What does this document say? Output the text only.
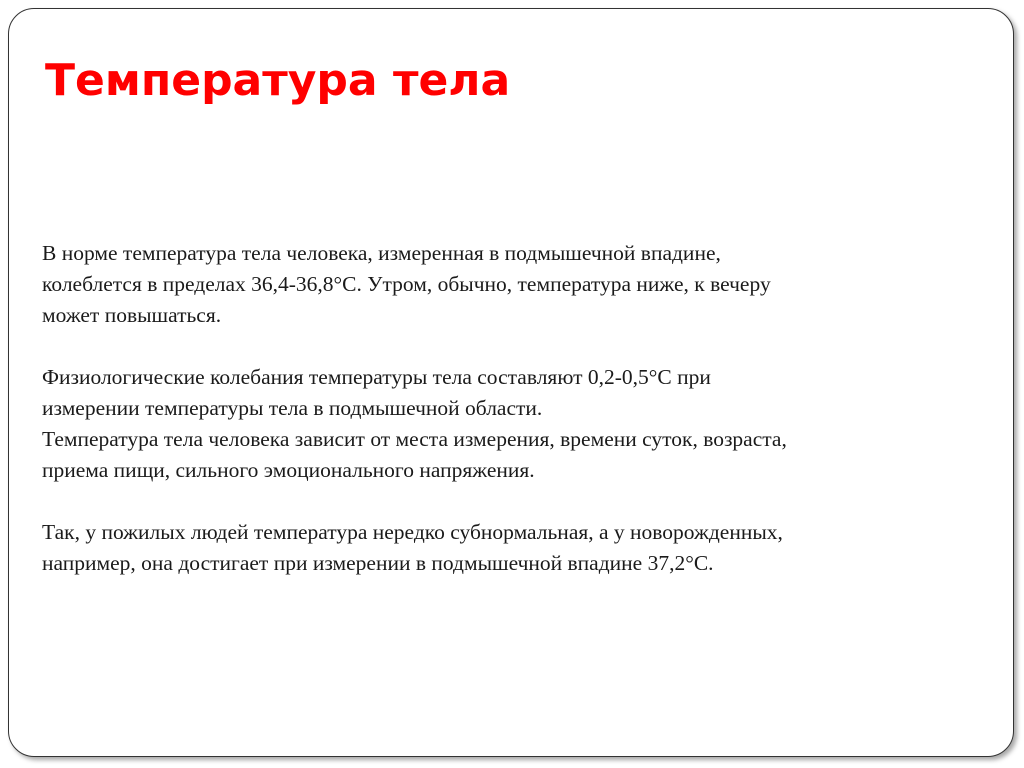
Температура тела

В норме температура тела человека, измеренная в подмышечной впадине,

колеблется в пределах 36,4-36,8°С. Утром, обычно, температура ниже, к вечеру

может повышаться.

Физиологические колебания температуры тела составляют 0,2-0,5°С при

измерении температуры тела в подмышечной области.

Температура тела человека зависит от места измерения, времени суток, возраста,

приема пищи, сильного эмоционального напряжения.

Так, у пожилых людей температура нередко субнормальная, а у новорожденных,

например, она достигает при измерении в подмышечной впадине 37,2°С.
